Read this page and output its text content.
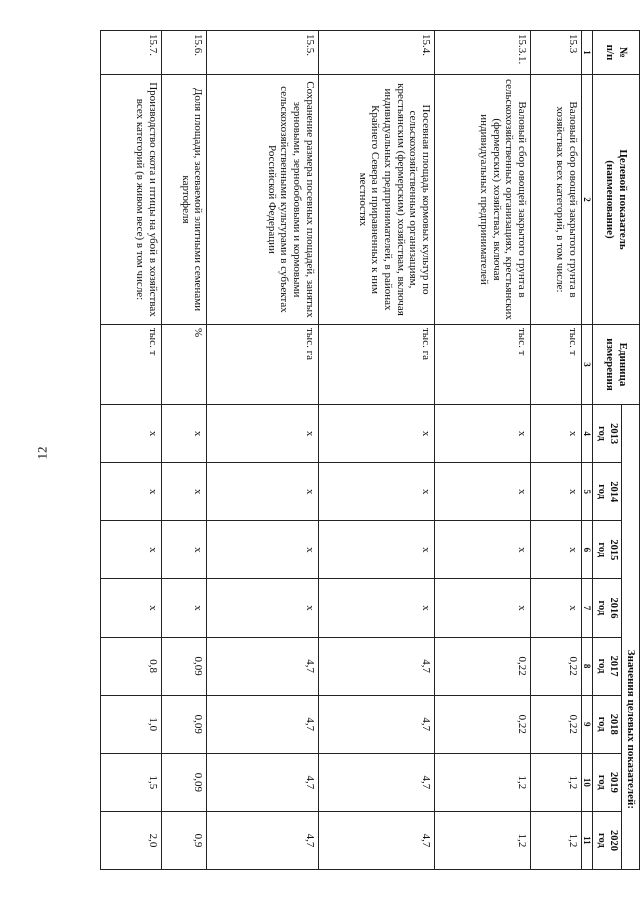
12
№
п/п	Целевой показатель
(наименование)	Единица
измерения	Значения целевых показателей:							
			2013
год	2014
год	2015
год	2016
год	2017
год	2018
год	2019
год	2020
год
1	2	3	4	5	6	7	8	9	10	11
15.3	Валовый сбор овощей закрытого грунта в хозяйствах всех категорий, в том числе:	тыс. т	х	х	х	х	0,22	0,22	1,2	1,2
15.3.1.	Валовый сбор овощей закрытого грунта в сельскохозяйственных организациях, крестьянских (фермерских) хозяйствах, включая индивидуальных предпринимателей	тыс. т	х	х	х	х	0,22	0,22	1,2	1,2
15.4.	Посевная площадь кормовых культур по сельскохозяйственным организациям, крестьянским (фермерским) хозяйствам, включая индивидуальных предпринимателей, в районах Крайнего Севера и приравненных к ним местностях	тыс. га	х	х	х	х	4,7	4,7	4,7	4,7
15.5.	Сохранение размера посевных площадей, занятых зерновыми, зернобобовыми и кормовыми сельскохозяйственными культурами в субъектах Российской Федерации	тыс. га	х	х	х	х	4,7	4,7	4,7	4,7
15.6.	Доля площади, засеваемой элитными семенами картофеля	%	х	х	х	х	0,09	0,09	0,09	0,9
15.7.	Производство скота и птицы на убой в хозяйствах всех категорий (в живом весе) в том числе:	тыс. т	х	х	х	х	0,8	1,0	1,5	2,0
